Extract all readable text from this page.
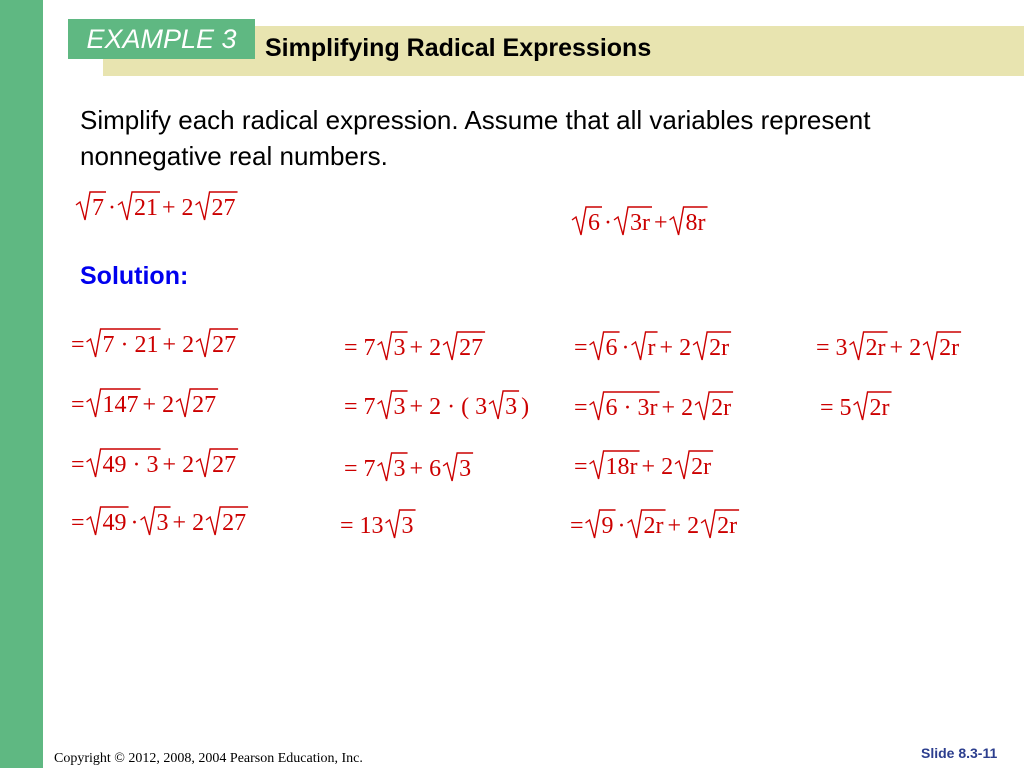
EXAMPLE 3	Simplifying Radical Expressions
Simplify each radical expression. Assume that all variables represent nonnegative real numbers.
7 · 21 + 2 27
6 · 3r + 8r
Solution:
= 7 · 21 + 2 27
= 147 + 2 27
= 49 · 3 + 2 27
= 49 · 3 + 2 27
= 7 3 + 2 27
= 7 3 + 2 · ( 3 3 )
= 7 3 + 6 3
= 13 3
= 6 · r + 2 2r
= 6 · 3r + 2 2r
= 18r + 2 2r
= 9 · 2r + 2 2r
= 3 2r + 2 2r
= 5 2r
Copyright © 2012, 2008, 2004 Pearson Education, Inc.	Slide 8.3-11
